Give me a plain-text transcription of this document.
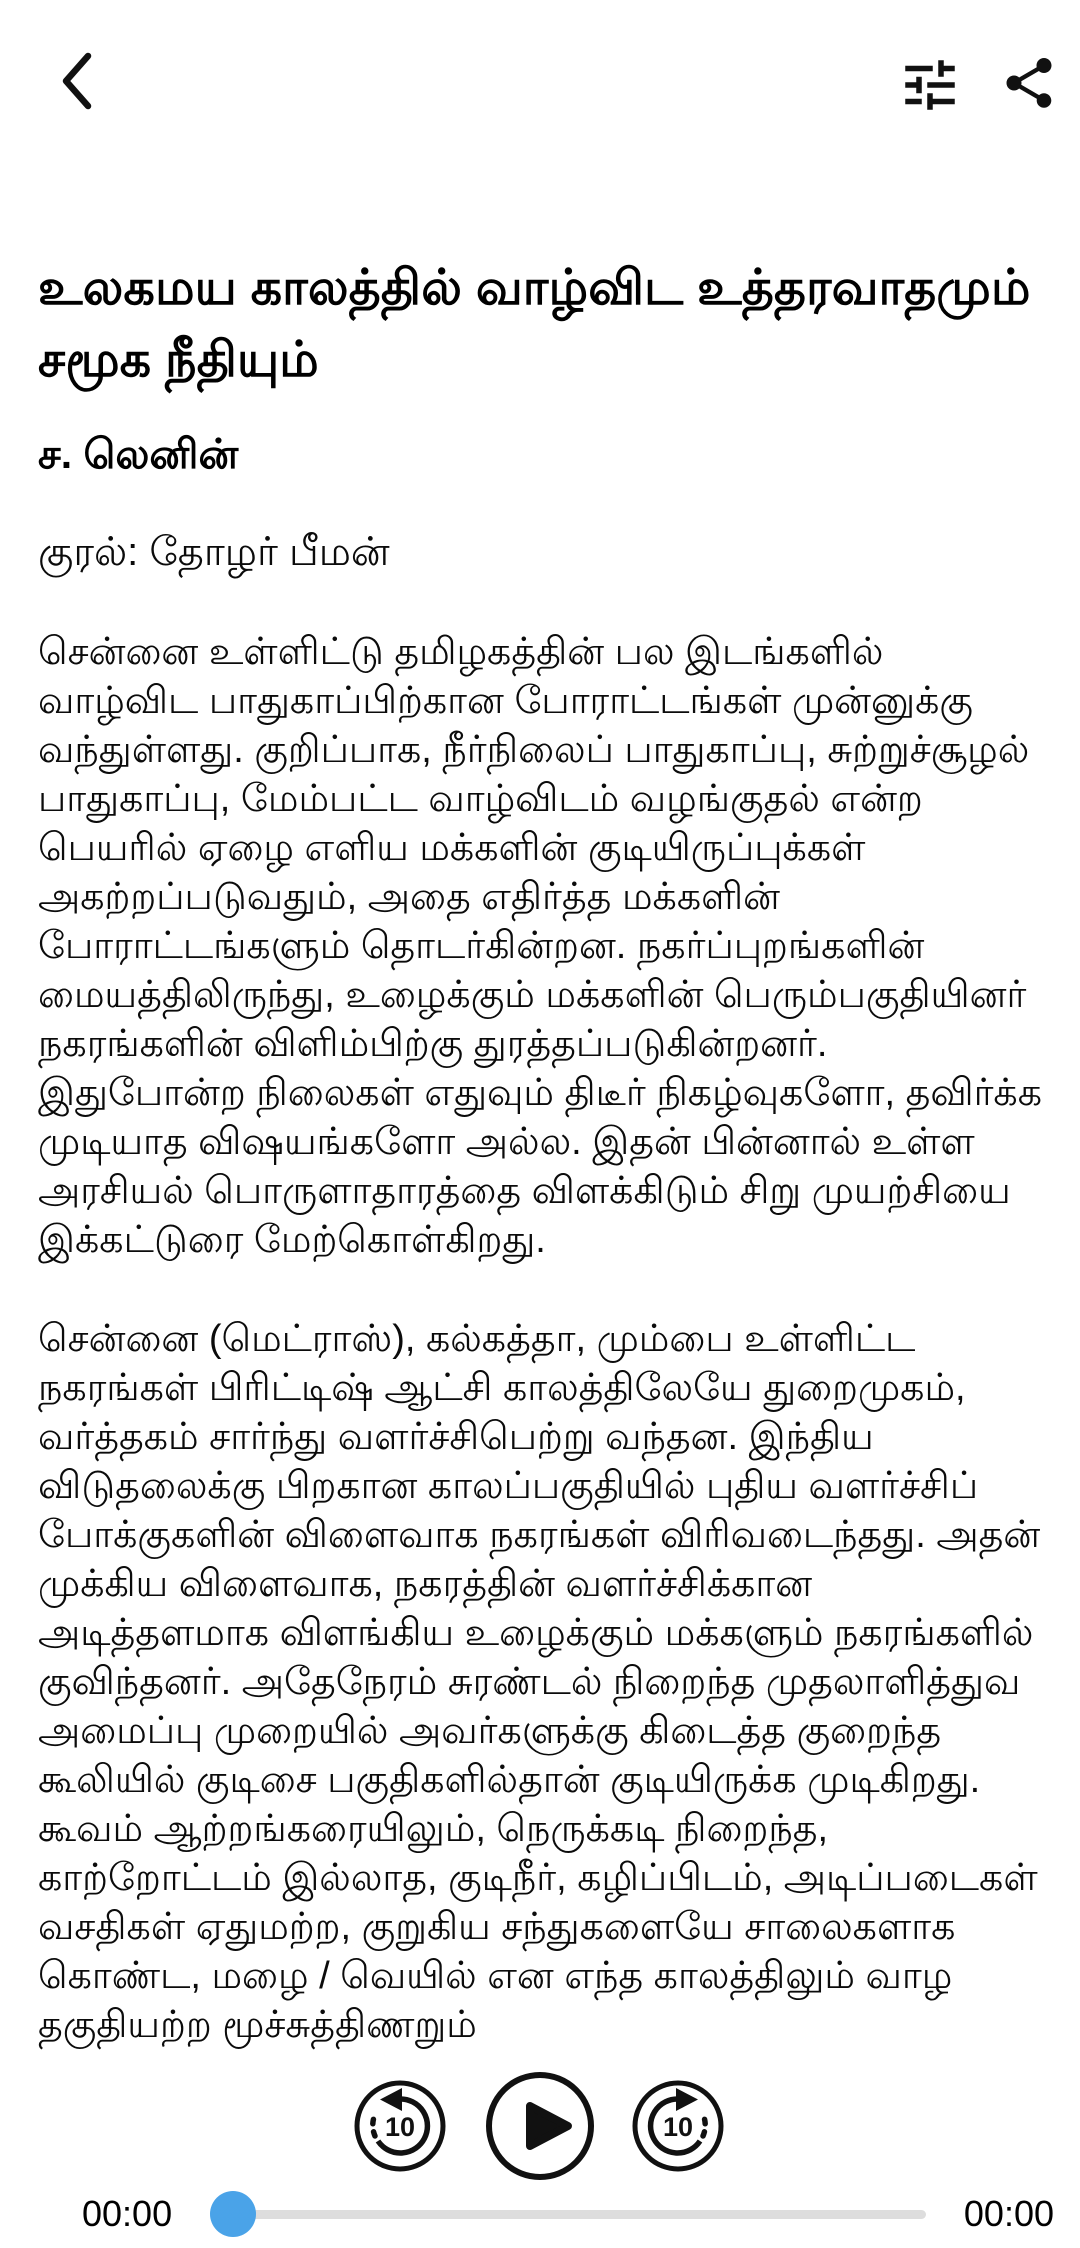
உலகமய காலத்தில் வாழ்விட உத்தரவாதமும் சமூக நீதியும்
ச. லெனின்
குரல்: தோழர் பீமன்

சென்னை உள்ளிட்டு தமிழகத்தின் பல இடங்களில் வாழ்விட பாதுகாப்பிற்கான போராட்டங்கள் முன்னுக்கு வந்துள்ளது. குறிப்பாக, நீர்நிலைப் பாதுகாப்பு, சுற்றுச்சூழல் பாதுகாப்பு, மேம்பட்ட வாழ்விடம் வழங்குதல் என்ற பெயரில் ஏழை எளிய மக்களின் குடியிருப்புக்கள் அகற்றப்படுவதும், அதை எதிர்த்த மக்களின் போராட்டங்களும் தொடர்கின்றன. நகர்ப்புறங்களின் மையத்திலிருந்து, உழைக்கும் மக்களின் பெரும்பகுதியினர் நகரங்களின் விளிம்பிற்கு துரத்தப்படுகின்றனர். இதுபோன்ற நிலைகள் எதுவும் திடீர் நிகழ்வுகளோ, தவிர்க்க முடியாத விஷயங்களோ அல்ல. இதன் பின்னால் உள்ள அரசியல் பொருளாதாரத்தை விளக்கிடும் சிறு முயற்சியை இக்கட்டுரை மேற்கொள்கிறது.

சென்னை (மெட்ராஸ்), கல்கத்தா, மும்பை உள்ளிட்ட நகரங்கள் பிரிட்டிஷ் ஆட்சி காலத்திலேயே துறைமுகம், வர்த்தகம் சார்ந்து வளர்ச்சிபெற்று வந்தன. இந்திய விடுதலைக்கு பிறகான காலப்பகுதியில் புதிய வளர்ச்சிப் போக்குகளின் விளைவாக நகரங்கள் விரிவடைந்தது. அதன் முக்கிய விளைவாக, நகரத்தின் வளர்ச்சிக்கான அடித்தளமாக விளங்கிய உழைக்கும் மக்களும் நகரங்களில் குவிந்தனர். அதேநேரம் சுரண்டல் நிறைந்த முதலாளித்துவ அமைப்பு முறையில் அவர்களுக்கு கிடைத்த குறைந்த கூலியில் குடிசை பகுதிகளில்தான் குடியிருக்க முடிகிறது. கூவம் ஆற்றங்கரையிலும், நெருக்கடி நிறைந்த, காற்றோட்டம் இல்லாத, குடிநீர், கழிப்பிடம், அடிப்படைகள் வசதிகள் ஏதுமற்ற, குறுகிய சந்துகளையே சாலைகளாக கொண்ட, மழை / வெயில் என எந்த காலத்திலும் வாழ தகுதியற்ற மூச்சுத்திணறும்

10	10
00:00	00:00
